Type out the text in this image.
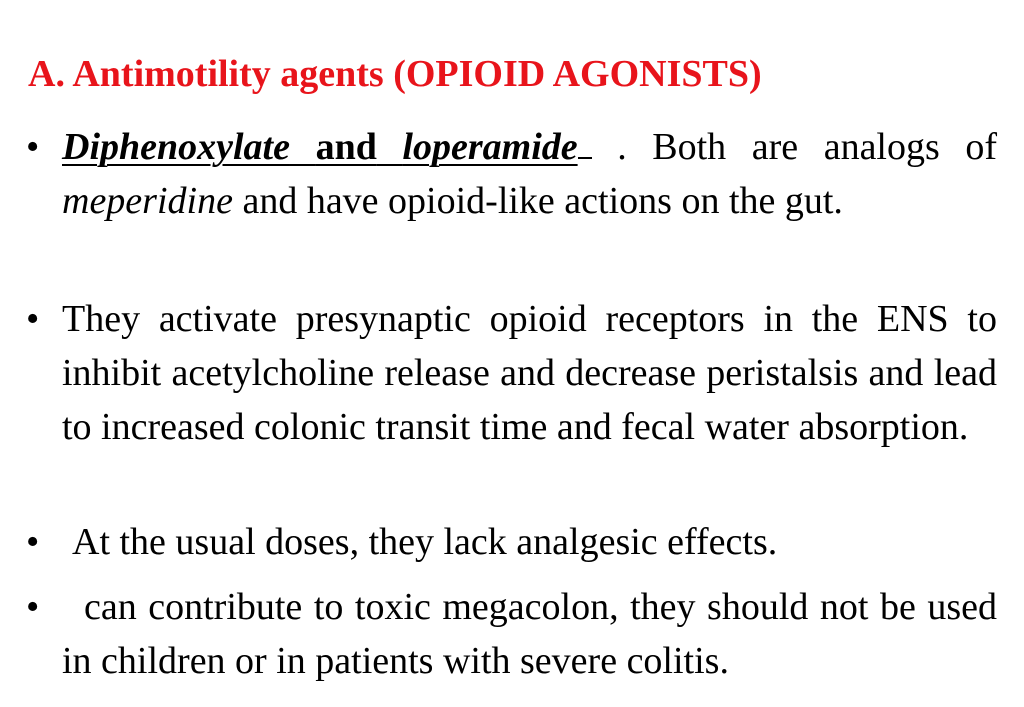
A. Antimotility agents (OPIOID AGONISTS)
• Diphenoxylate and loperamide . Both are analogs of meperidine and have opioid-like actions on the gut.

• They activate presynaptic opioid receptors in the ENS to inhibit acetylcholine release and decrease peristalsis and lead to increased colonic transit time and fecal water absorption.

• At the usual doses, they lack analgesic effects.

•	can contribute to toxic megacolon, they should not be used in children or in patients with severe colitis.
